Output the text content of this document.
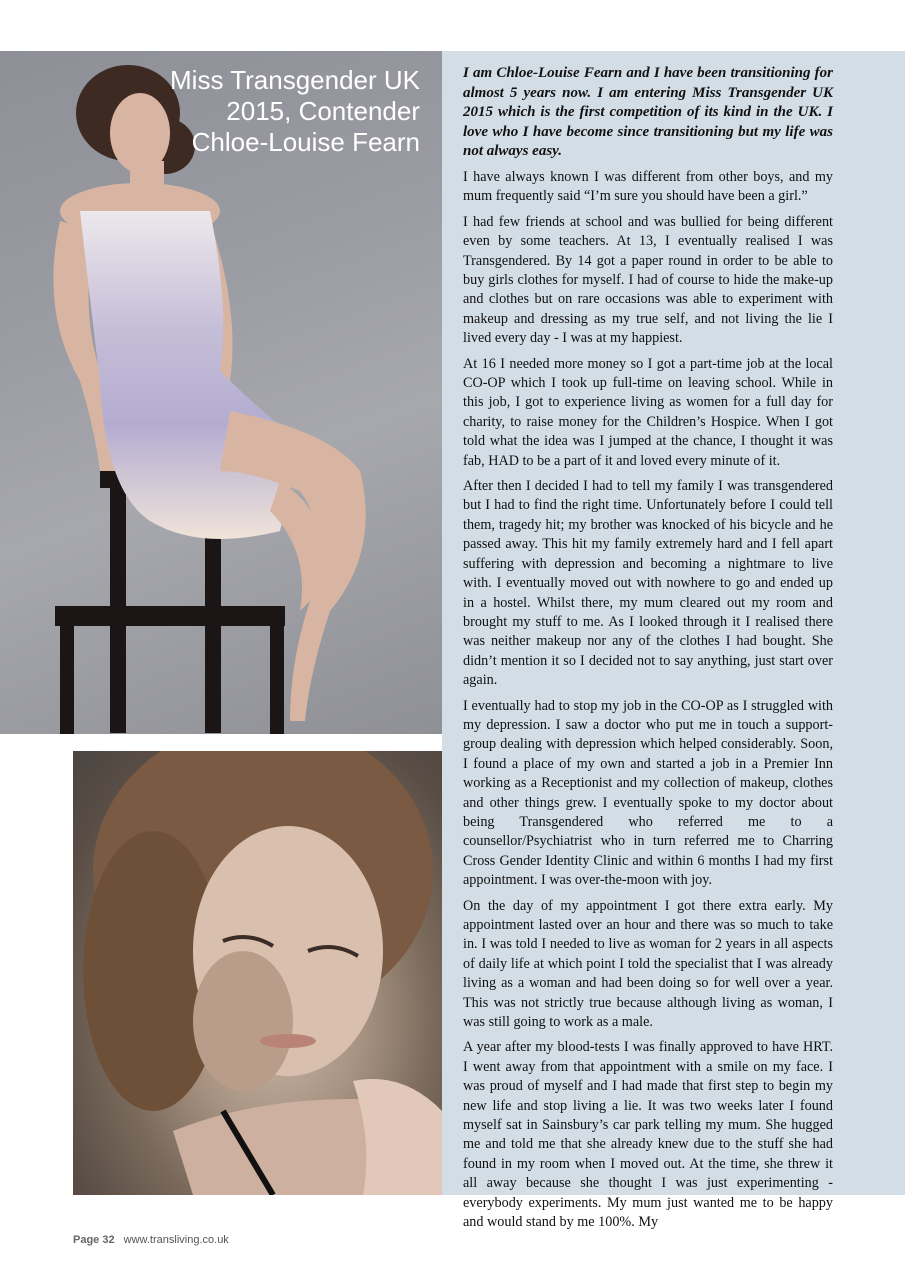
Miss Transgender UK
2015, Contender
Chloe-Louise Fearn

I am Chloe-Louise Fearn and I have been transitioning for almost 5 years now. I am entering Miss Transgender UK 2015 which is the first competition of its kind in the UK. I love who I have become since transitioning but my life was not always easy.

I have always known I was different from other boys, and my mum frequently said “I’m sure you should have been a girl.”

I had few friends at school and was bullied for being different even by some teachers. At 13, I eventually realised I was Transgendered. By 14 got a paper round in order to be able to buy girls clothes for myself. I had of course to hide the make-up and clothes but on rare occasions was able to experiment with makeup and dressing as my true self, and not living the lie I lived every day - I was at my happiest.

At 16 I needed more money so I got a part-time job at the local CO-OP which I took up full-time on leaving school. While in this job, I got to experience living as women for a full day for charity, to raise money for the Children’s Hospice. When I got told what the idea was I jumped at the chance, I thought it was fab, HAD to be a part of it and loved every minute of it.

After then I decided I had to tell my family I was transgendered but I had to find the right time. Unfortunately before I could tell them, tragedy hit; my brother was knocked of his bicycle and he passed away. This hit my family extremely hard and I fell apart suffering with depression and becoming a nightmare to live with. I eventually moved out with nowhere to go and ended up in a hostel. Whilst there, my mum cleared out my room and brought my stuff to me. As I looked through it I realised there was neither makeup nor any of the clothes I had bought. She didn’t mention it so I decided not to say anything, just start over again.

I eventually had to stop my job in the CO-OP as I struggled with my depression. I saw a doctor who put me in touch a support-group dealing with depression which helped considerably. Soon, I found a place of my own and started a job in a Premier Inn working as a Receptionist and my collection of makeup, clothes and other things grew. I eventually spoke to my doctor about being Transgendered who referred me to a counsellor/Psychiatrist who in turn referred me to Charring Cross Gender Identity Clinic and within 6 months I had my first appointment. I was over-the-moon with joy.

On the day of my appointment I got there extra early. My appointment lasted over an hour and there was so much to take in. I was told I needed to live as woman for 2 years in all aspects of daily life at which point I told the specialist that I was already living as a woman and had been doing so for well over a year. This was not strictly true because although living as woman, I was still going to work as a male.

A year after my blood-tests I was finally approved to have HRT. I went away from that appointment with a smile on my face. I was proud of myself and I had made that first step to begin my new life and stop living a lie. It was two weeks later I found myself sat in Sainsbury’s car park telling my mum. She hugged me and told me that she already knew due to the stuff she had found in my room when I moved out. At the time, she threw it all away because she thought I was just experimenting - everybody experiments. My mum just wanted me to be happy and would stand by me 100%. My

Page 32 www.transliving.co.uk
